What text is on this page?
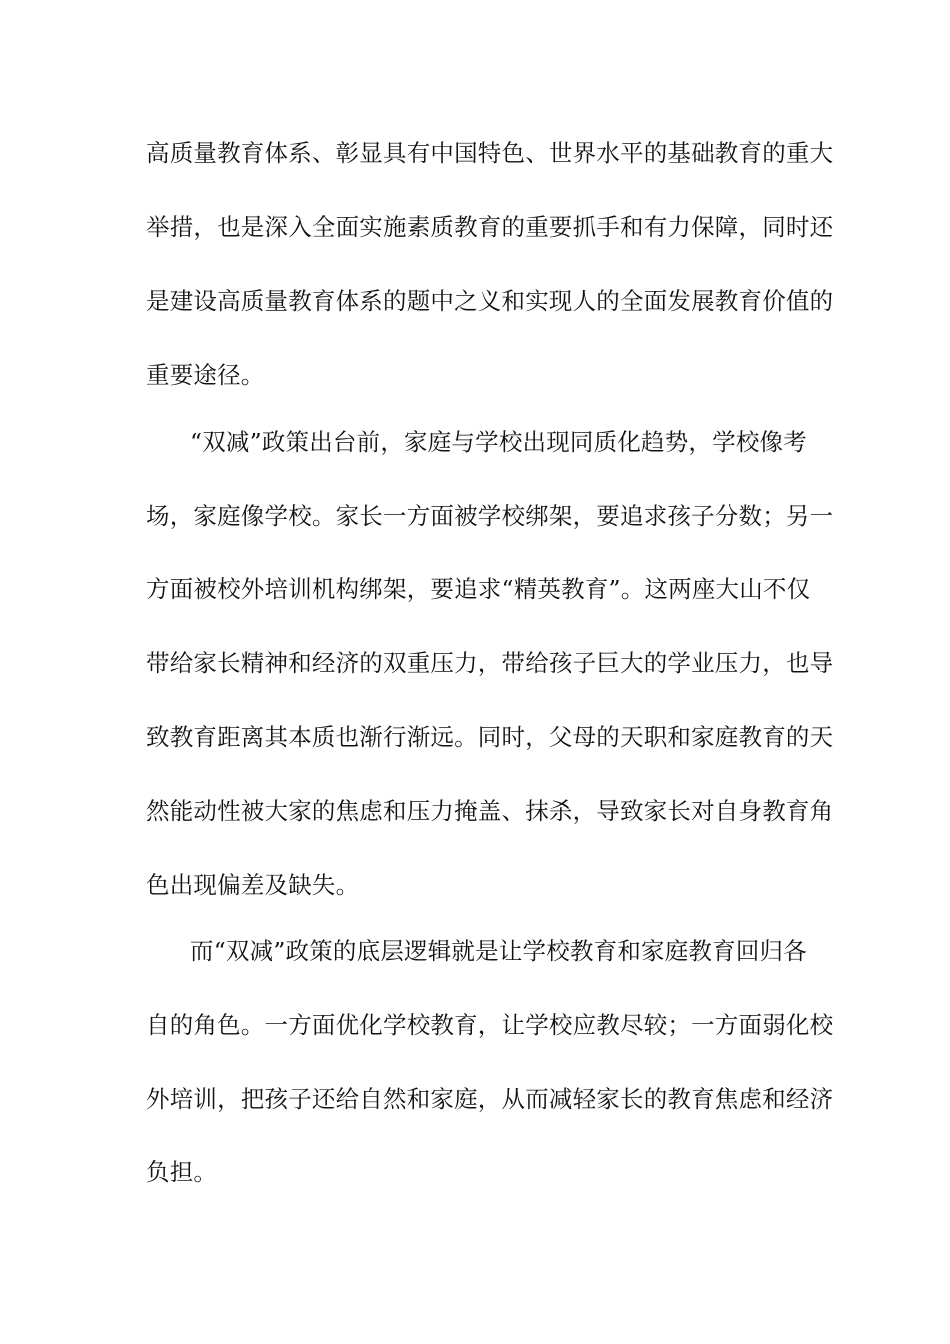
高质量教育体系、彰显具有中国特色、世界水平的基础教育的重大
举措，也是深入全面实施素质教育的重要抓手和有力保障，同时还
是建设高质量教育体系的题中之义和实现人的全面发展教育价值的
重要途径。
“双减”政策出台前，家庭与学校出现同质化趋势，学校像考
场，家庭像学校。家长一方面被学校绑架，要追求孩子分数；另一
方面被校外培训机构绑架，要追求“精英教育”。这两座大山不仅
带给家长精神和经济的双重压力，带给孩子巨大的学业压力，也导
致教育距离其本质也渐行渐远。同时，父母的天职和家庭教育的天
然能动性被大家的焦虑和压力掩盖、抹杀，导致家长对自身教育角
色出现偏差及缺失。
而“双减”政策的底层逻辑就是让学校教育和家庭教育回归各
自的角色。一方面优化学校教育，让学校应教尽较；一方面弱化校
外培训，把孩子还给自然和家庭，从而减轻家长的教育焦虑和经济
负担。
